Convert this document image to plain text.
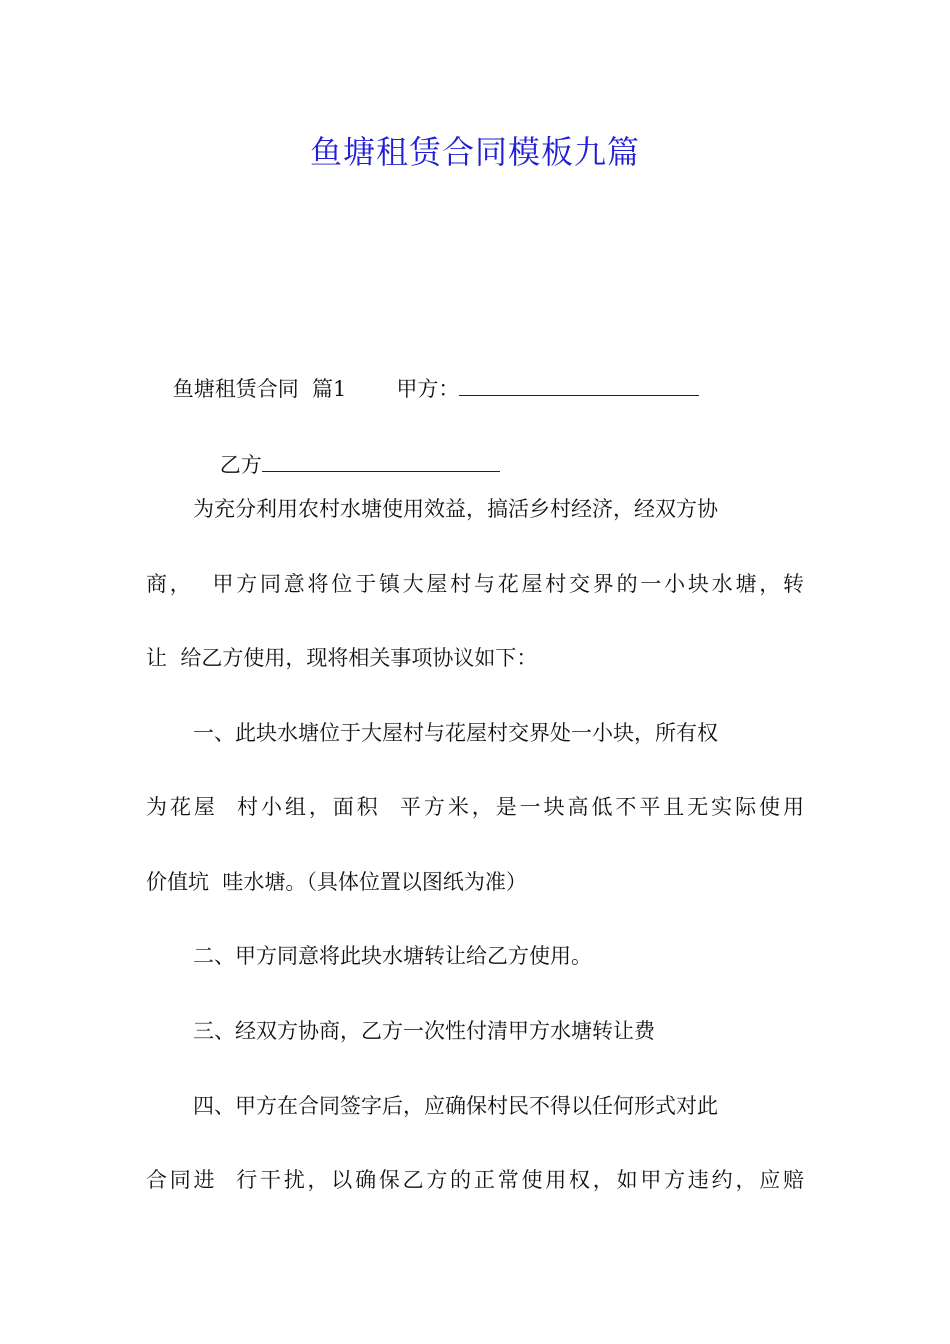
鱼塘租赁合同模板九篇

鱼塘租赁合同  篇1 甲方：

乙方

为充分利用农村水塘使用效益，搞活乡村经济，经双方协
商，  甲方同意将位于镇大屋村与花屋村交界的一小块水塘，转
让  给乙方使用，现将相关事项协议如下：
一、此块水塘位于大屋村与花屋村交界处一小块，所有权
为花屋  村小组，面积  平方米，是一块高低不平且无实际使用
价值坑  哇水塘。（具体位置以图纸为准）
二、甲方同意将此块水塘转让给乙方使用。
三、经双方协商，乙方一次性付清甲方水塘转让费
四、甲方在合同签字后，应确保村民不得以任何形式对此
合同进  行干扰，以确保乙方的正常使用权，如甲方违约，应赔
